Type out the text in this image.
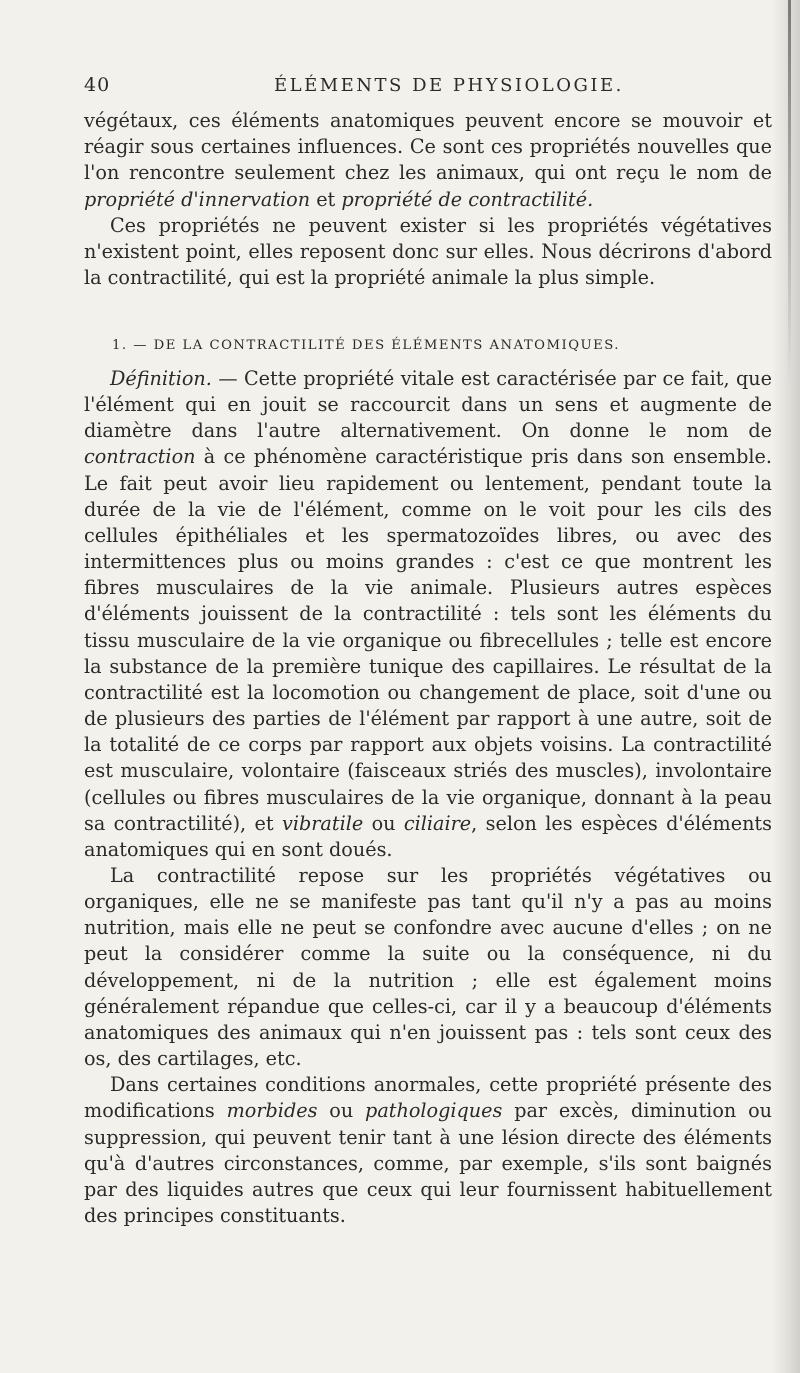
40	ÉLÉMENTS DE PHYSIOLOGIE.

végétaux, ces éléments anatomiques peuvent encore se mouvoir et réagir sous certaines influences. Ce sont ces propriétés nouvelles que l'on rencontre seulement chez les animaux, qui ont reçu le nom de propriété d'innervation et propriété de contractilité.

Ces propriétés ne peuvent exister si les propriétés végétatives n'existent point, elles reposent donc sur elles. Nous décrirons d'abord la contractilité, qui est la propriété animale la plus simple.

1. — DE LA CONTRACTILITÉ DES ÉLÉMENTS ANATOMIQUES.

Définition. — Cette propriété vitale est caractérisée par ce fait, que l'élément qui en jouit se raccourcit dans un sens et augmente de diamètre dans l'autre alternativement. On donne le nom de contraction à ce phénomène caractéristique pris dans son ensemble. Le fait peut avoir lieu rapidement ou lentement, pendant toute la durée de la vie de l'élément, comme on le voit pour les cils des cellules épithéliales et les spermatozoïdes libres, ou avec des intermittences plus ou moins grandes : c'est ce que montrent les fibres musculaires de la vie animale. Plusieurs autres espèces d'éléments jouissent de la contractilité : tels sont les éléments du tissu musculaire de la vie organique ou fibrecellules ; telle est encore la substance de la première tunique des capillaires. Le résultat de la contractilité est la locomotion ou changement de place, soit d'une ou de plusieurs des parties de l'élément par rapport à une autre, soit de la totalité de ce corps par rapport aux objets voisins. La contractilité est musculaire, volontaire (faisceaux striés des muscles), involontaire (cellules ou fibres musculaires de la vie organique, donnant à la peau sa contractilité), et vibratile ou ciliaire, selon les espèces d'éléments anatomiques qui en sont doués.

La contractilité repose sur les propriétés végétatives ou organiques, elle ne se manifeste pas tant qu'il n'y a pas au moins nutrition, mais elle ne peut se confondre avec aucune d'elles ; on ne peut la considérer comme la suite ou la conséquence, ni du développement, ni de la nutrition ; elle est également moins généralement répandue que celles-ci, car il y a beaucoup d'éléments anatomiques des animaux qui n'en jouissent pas : tels sont ceux des os, des cartilages, etc.

Dans certaines conditions anormales, cette propriété présente des modifications morbides ou pathologiques par excès, diminution ou suppression, qui peuvent tenir tant à une lésion directe des éléments qu'à d'autres circonstances, comme, par exemple, s'ils sont baignés par des liquides autres que ceux qui leur fournissent habituellement des principes constituants.
